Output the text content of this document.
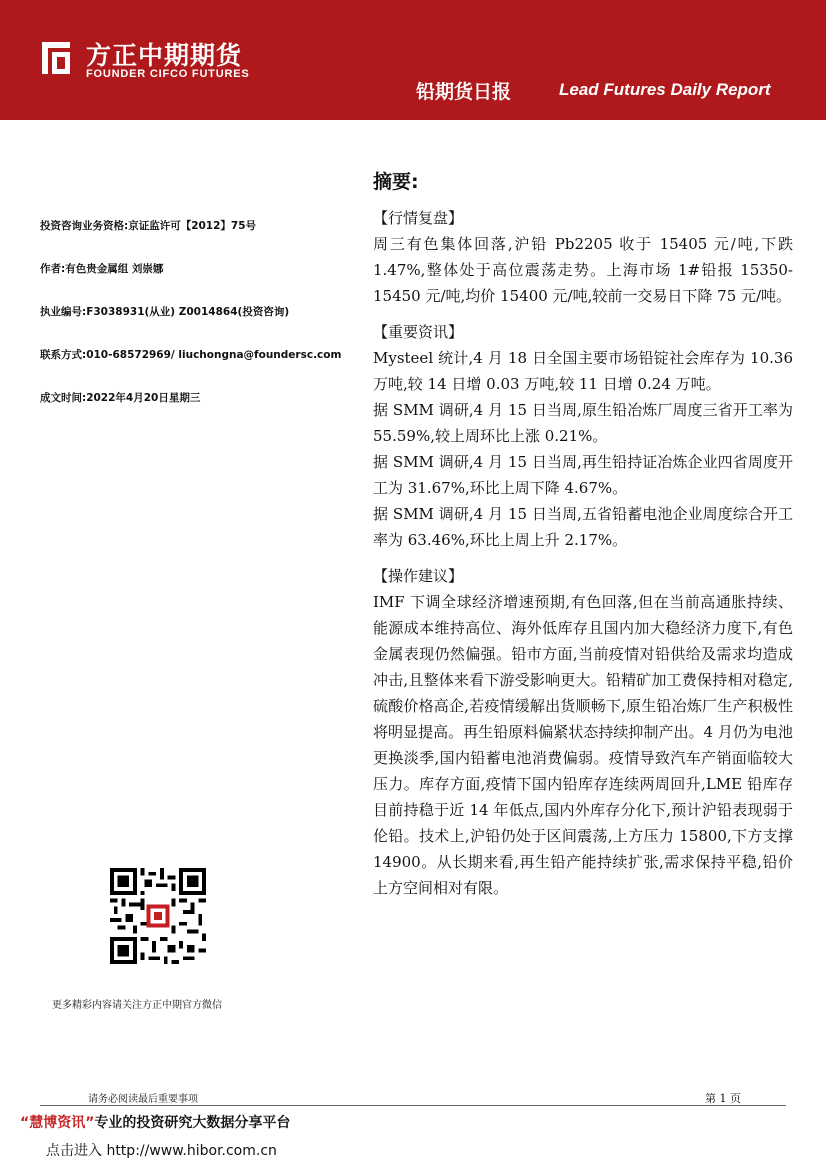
方正中期期货
FOUNDER CIFCO FUTURES
铅期货日报	Lead Futures Daily Report
摘要:
投资咨询业务资格:京证监许可【2012】75号
作者:有色贵金属组 刘崇娜
执业编号:F3038931(从业) Z0014864(投资咨询)
联系方式:010-68572969/ liuchongna@foundersc.com
成文时间:2022年4月20日星期三
【行情复盘】

周三有色集体回落,沪铅 Pb2205 收于 15405 元/吨,下跌 1.47%,整体处于高位震荡走势。上海市场 1#铅报 15350-15450 元/吨,均价 15400 元/吨,较前一交易日下降 75 元/吨。

【重要资讯】

Mysteel 统计,4 月 18 日全国主要市场铅锭社会库存为 10.36 万吨,较 14 日增 0.03 万吨,较 11 日增 0.24 万吨。

据 SMM 调研,4 月 15 日当周,原生铅冶炼厂周度三省开工率为 55.59%,较上周环比上涨 0.21%。

据 SMM 调研,4 月 15 日当周,再生铅持证冶炼企业四省周度开工为 31.67%,环比上周下降 4.67%。

据 SMM 调研,4 月 15 日当周,五省铅蓄电池企业周度综合开工率为 63.46%,环比上周上升 2.17%。

【操作建议】

IMF 下调全球经济增速预期,有色回落,但在当前高通胀持续、能源成本维持高位、海外低库存且国内加大稳经济力度下,有色金属表现仍然偏强。铅市方面,当前疫情对铅供给及需求均造成冲击,且整体来看下游受影响更大。铅精矿加工费保持相对稳定,硫酸价格高企,若疫情缓解出货顺畅下,原生铅冶炼厂生产积极性将明显提高。再生铅原料偏紧状态持续抑制产出。4 月仍为电池更换淡季,国内铅蓄电池消费偏弱。疫情导致汽车产销面临较大压力。库存方面,疫情下国内铅库存连续两周回升,LME 铅库存目前持稳于近 14 年低点,国内外库存分化下,预计沪铅表现弱于伦铅。技术上,沪铅仍处于区间震荡,上方压力 15800,下方支撑 14900。从长期来看,再生铅产能持续扩张,需求保持平稳,铅价上方空间相对有限。

更多精彩内容请关注方正中期官方微信
请务必阅读最后重要事项	第 1 页
“慧博资讯”专业的投资研究大数据分享平台
点击进入 http://www.hibor.com.cn
